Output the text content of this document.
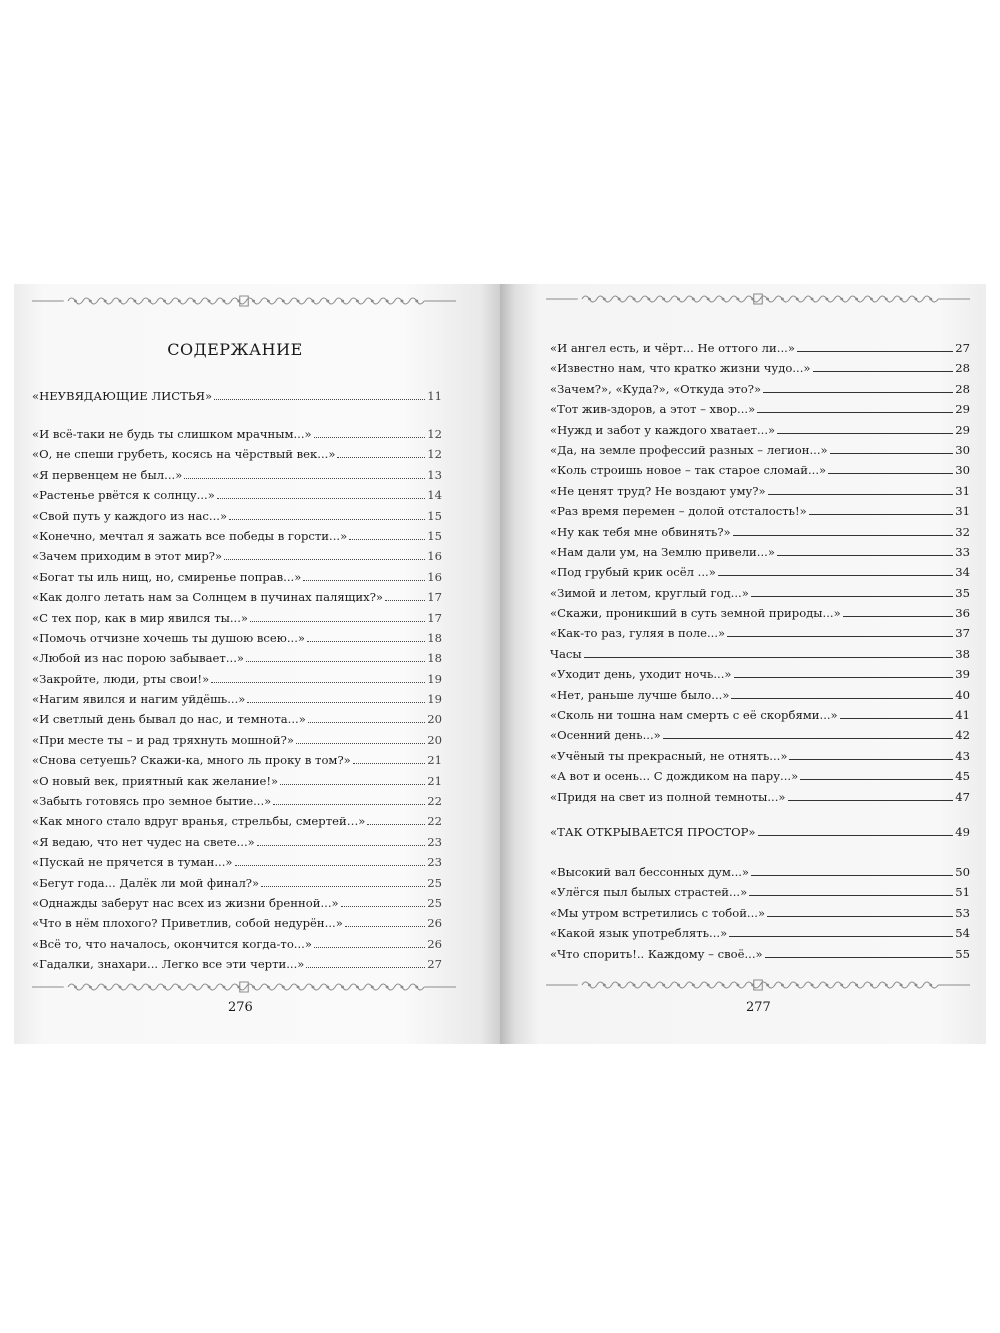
СОДЕРЖАНИЕ
«НЕУВЯДАЮЩИЕ ЛИСТЬЯ»	11
«И всё-таки не будь ты слишком мрачным...»	12
«О, не спеши грубеть, косясь на чёрствый век...»	12
«Я первенцем не был...»	13
«Растенье рвётся к солнцу...»	14
«Свой путь у каждого из нас...»	15
«Конечно, мечтал я зажать все победы в горсти...»	15
«Зачем приходим в этот мир?»	16
«Богат ты иль нищ, но, смиренье поправ...»	16
«Как долго летать нам за Солнцем в пучинах палящих?»	17
«С тех пор, как в мир явился ты...»	17
«Помочь отчизне хочешь ты душою всею...»	18
«Любой из нас порою забывает...»	18
«Закройте, люди, рты свои!»	19
«Нагим явился и нагим уйдёшь...»	19
«И светлый день бывал до нас, и темнота...»	20
«При месте ты – и рад тряхнуть мошной?»	20
«Снова сетуешь? Скажи-ка, много ль проку в том?»	21
«О новый век, приятный как желание!»	21
«Забыть готовясь про земное бытие...»	22
«Как много стало вдруг вранья, стрельбы, смертей…»	22
«Я ведаю, что нет чудес на свете...»	23
«Пускай не прячется в туман...»	23
«Бегут года... Далёк ли мой финал?»	25
«Однажды заберут нас всех из жизни бренной...»	25
«Что в нём плохого? Приветлив, собой недурён...»	26
«Всё то, что началось, окончится когда-то...»	26
«Гадалки, знахари... Легко все эти черти...»	27
276
«И ангел есть, и чёрт... Не оттого ли...»	27
«Известно нам, что кратко жизни чудо...»	28
«Зачем?», «Куда?», «Откуда это?»	28
«Тот жив-здоров, а этот – хвор...»	29
«Нужд и забот у каждого хватает...»	29
«Да, на земле профессий разных – легион...»	30
«Коль строишь новое – так старое сломай...»	30
«Не ценят труд? Не воздают уму?»	31
«Раз время перемен – долой отсталость!»	31
«Ну как тебя мне обвинять?»	32
«Нам дали ум, на Землю привели...»	33
«Под грубый крик осёл ...»	34
«Зимой и летом, круглый год...»	35
«Скажи, проникший в суть земной природы...»	36
«Как-то раз, гуляя в поле...»	37
Часы	38
«Уходит день, уходит ночь...»	39
«Нет, раньше лучше было...»	40
«Сколь ни тошна нам смерть с её скорбями...»	41
«Осенний день...»	42
«Учёный ты прекрасный, не отнять...»	43
«А вот и осень... С дождиком на пару...»	45
«Придя на свет из полной темноты...»	47
«ТАК ОТКРЫВАЕТСЯ ПРОСТОР»	49
«Высокий вал бессонных дум...»	50
«Улёгся пыл былых страстей...»	51
«Мы утром встретились с тобой...»	53
«Какой язык употреблять...»	54
«Что спорить!.. Каждому – своё...»	55
277
